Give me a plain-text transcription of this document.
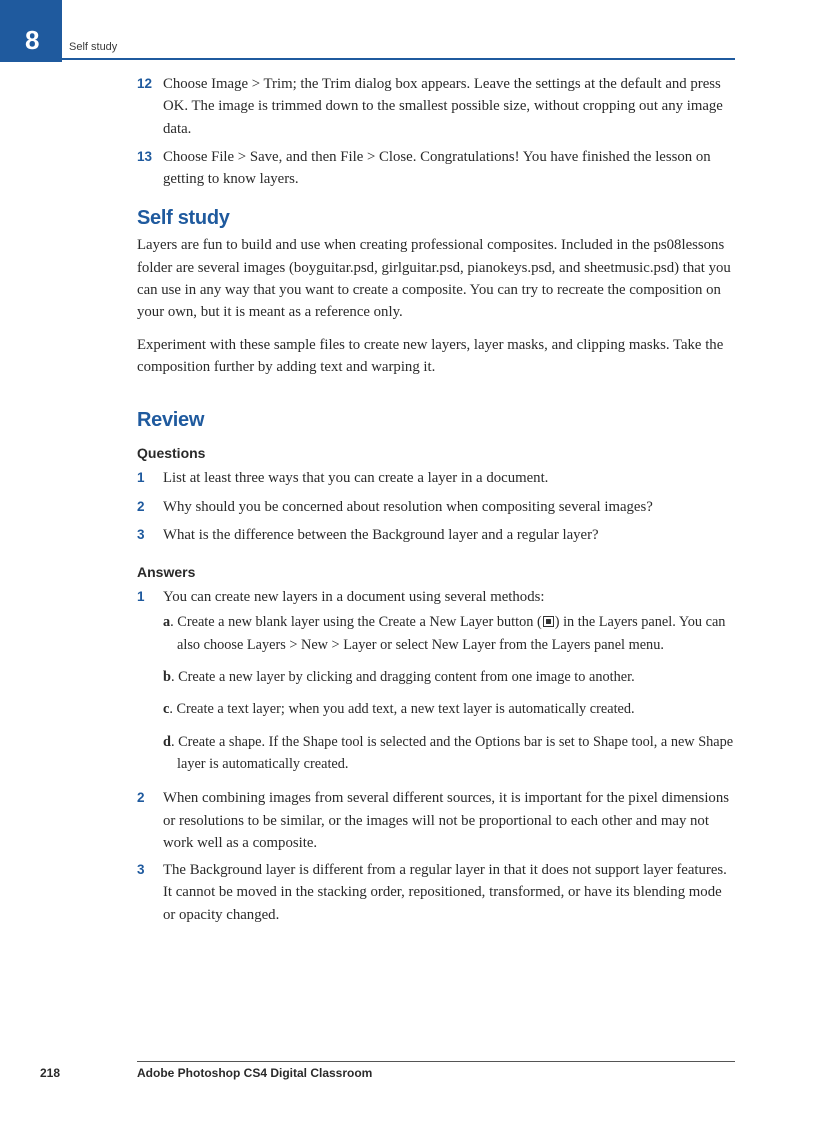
8	Self study
12 Choose Image > Trim; the Trim dialog box appears. Leave the settings at the default and press OK. The image is trimmed down to the smallest possible size, without cropping out any image data.

13 Choose File > Save, and then File > Close. Congratulations! You have finished the lesson on getting to know layers.

Self study

Layers are fun to build and use when creating professional composites. Included in the ps08lessons folder are several images (boyguitar.psd, girlguitar.psd, pianokeys.psd, and sheetmusic.psd) that you can use in any way that you want to create a composite. You can try to recreate the composition on your own, but it is meant as a reference only.

Experiment with these sample files to create new layers, layer masks, and clipping masks. Take the composition further by adding text and warping it.

Review
Questions
1 List at least three ways that you can create a layer in a document.

2 Why should you be concerned about resolution when compositing several images?

3 What is the difference between the Background layer and a regular layer?

Answers
1 You can create new layers in a document using several methods:

a. Create a new blank layer using the Create a New Layer button ( ) in the Layers panel. You can also choose Layers > New > Layer or select New Layer from the Layers panel menu.

b. Create a new layer by clicking and dragging content from one image to another.

c. Create a text layer; when you add text, a new text layer is automatically created.

d. Create a shape. If the Shape tool is selected and the Options bar is set to Shape tool, a new Shape layer is automatically created.

2 When combining images from several different sources, it is important for the pixel dimensions or resolutions to be similar, or the images will not be proportional to each other and may not work well as a composite.

3 The Background layer is different from a regular layer in that it does not support layer features. It cannot be moved in the stacking order, repositioned, transformed, or have its blending mode or opacity changed.

218	Adobe Photoshop CS4 Digital Classroom
